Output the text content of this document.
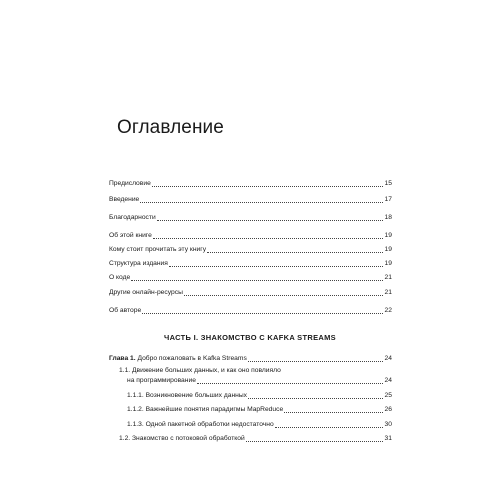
Оглавление
Предисловие	15
Введение	17
Благодарности	18
Об этой книге	19
Кому стоит прочитать эту книгу	19
Структура издания	19
О коде	21
Другие онлайн-ресурсы	21
Об авторе	22
ЧАСТЬ I. ЗНАКОМСТВО С KAFKA STREAMS
Глава 1. Добро пожаловать в Kafka Streams	24
1.1. Движение больших данных, и как оно повлияло
на программирование	24
1.1.1. Возникновение больших данных	25
1.1.2. Важнейшие понятия парадигмы MapReduce	26
1.1.3. Одной пакетной обработки недостаточно	30
1.2. Знакомство с потоковой обработкой	31
